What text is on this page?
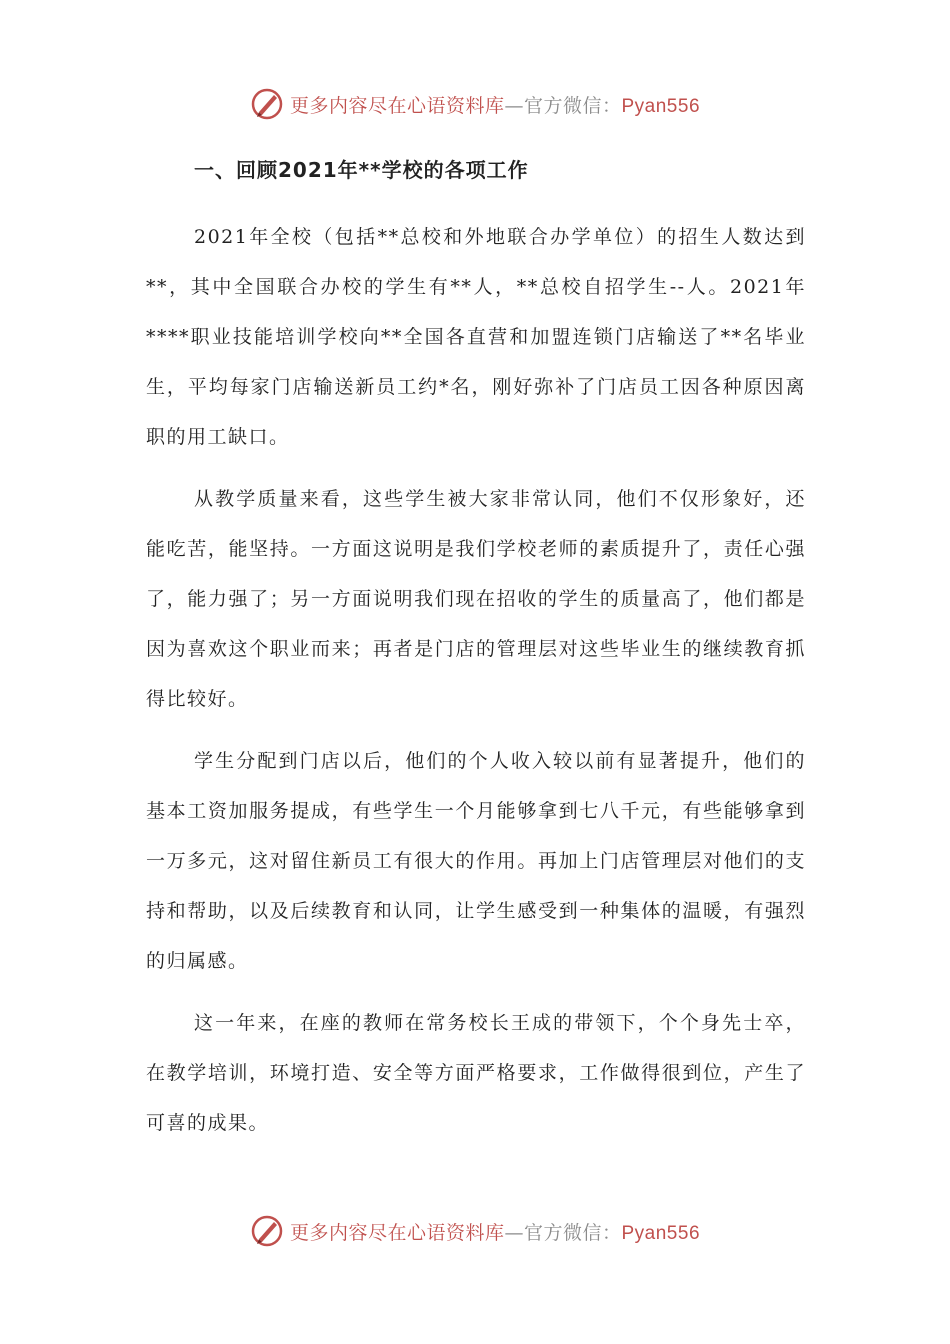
更多内容尽在心语资料库—官方微信：Pyan556
一、回顾2021年**学校的各项工作

2021年全校（包括**总校和外地联合办学单位）的招生人数达到**，其中全国联合办校的学生有**人，**总校自招学生--人。2021年****职业技能培训学校向**全国各直营和加盟连锁门店输送了**名毕业生，平均每家门店输送新员工约*名，刚好弥补了门店员工因各种原因离职的用工缺口。

从教学质量来看，这些学生被大家非常认同，他们不仅形象好，还能吃苦，能坚持。一方面这说明是我们学校老师的素质提升了，责任心强了，能力强了；另一方面说明我们现在招收的学生的质量高了，他们都是因为喜欢这个职业而来；再者是门店的管理层对这些毕业生的继续教育抓得比较好。

学生分配到门店以后，他们的个人收入较以前有显著提升，他们的基本工资加服务提成，有些学生一个月能够拿到七八千元，有些能够拿到一万多元，这对留住新员工有很大的作用。再加上门店管理层对他们的支持和帮助，以及后续教育和认同，让学生感受到一种集体的温暖，有强烈的归属感。

这一年来，在座的教师在常务校长王成的带领下，个个身先士卒，在教学培训，环境打造、安全等方面严格要求，工作做得很到位，产生了可喜的成果。

更多内容尽在心语资料库—官方微信：Pyan556
